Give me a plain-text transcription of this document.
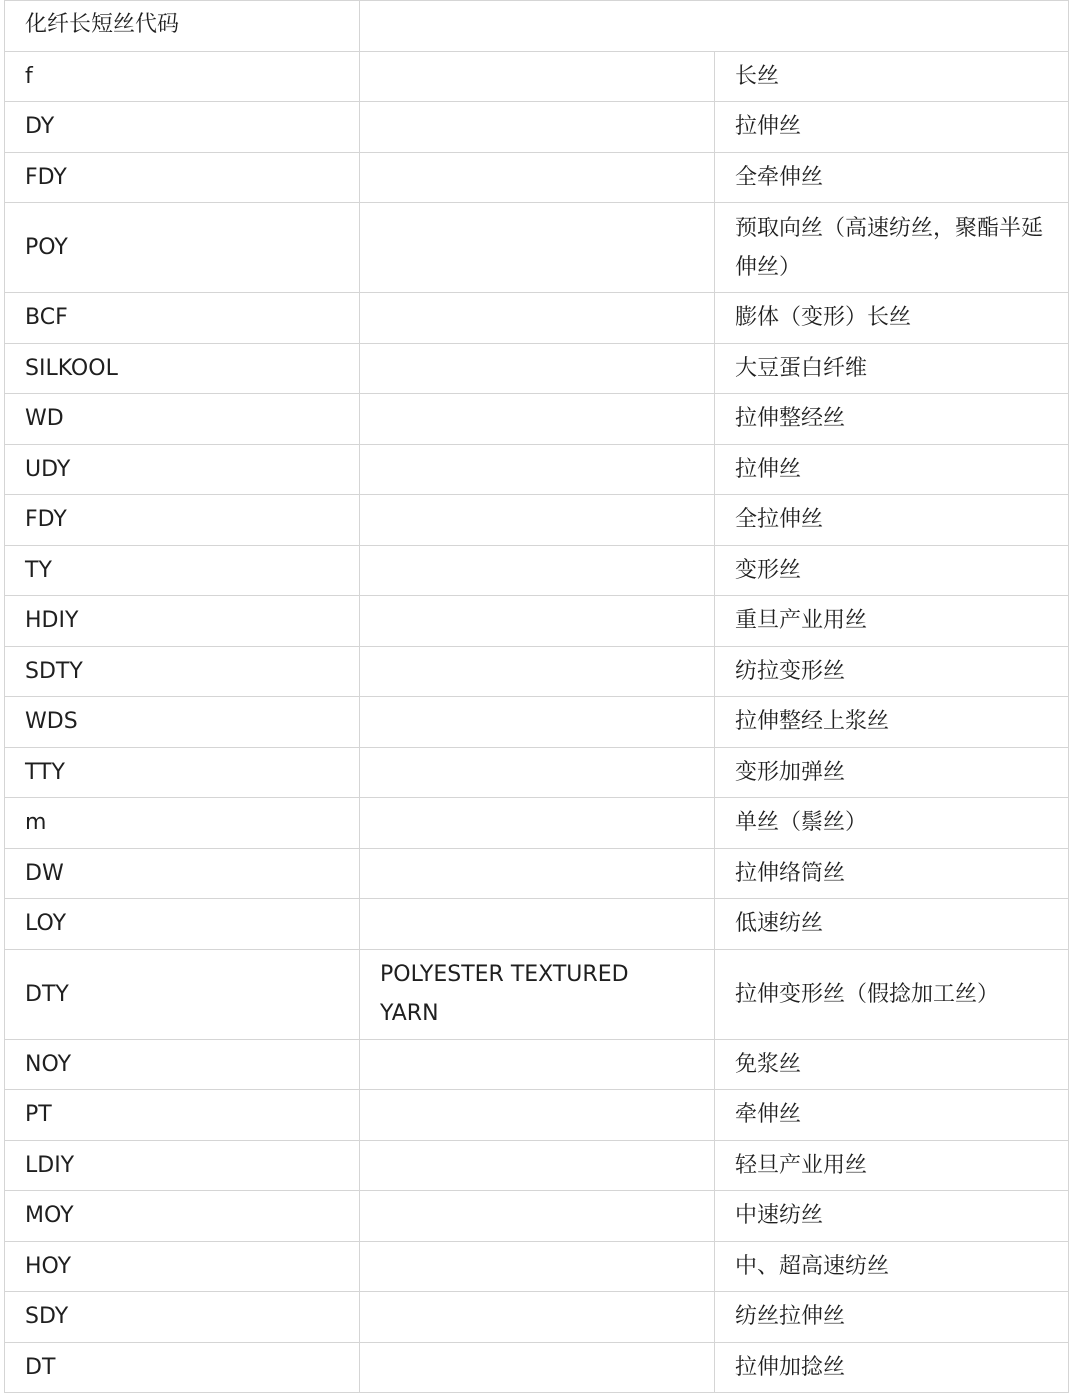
化纤长短丝代码		
f		长丝
DY		拉伸丝
FDY		全牵伸丝
POY		预取向丝（高速纺丝，聚酯半延伸丝）
BCF		膨体（变形）长丝
SILKOOL		大豆蛋白纤维
WD		拉伸整经丝
UDY		拉伸丝
FDY		全拉伸丝
TY		变形丝
HDIY		重旦产业用丝
SDTY		纺拉变形丝
WDS		拉伸整经上浆丝
TTY		变形加弹丝
m		单丝（鬃丝）
DW		拉伸络筒丝
LOY		低速纺丝
DTY	POLYESTER TEXTURED YARN	拉伸变形丝（假捻加工丝）
NOY		免浆丝
PT		牵伸丝
LDIY		轻旦产业用丝
MOY		中速纺丝
HOY		中、超高速纺丝
SDY		纺丝拉伸丝
DT		拉伸加捻丝
